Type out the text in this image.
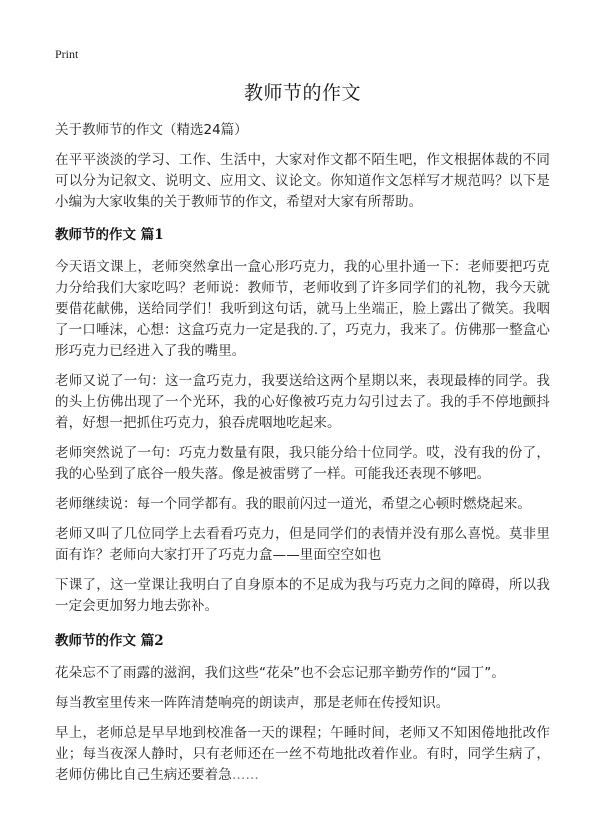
Print
教师节的作文

关于教师节的作文（精选24篇）

在平平淡淡的学习、工作、生活中，大家对作文都不陌生吧，作文根据体裁的不同可以分为记叙文、说明文、应用文、议论文。你知道作文怎样写才规范吗？以下是小编为大家收集的关于教师节的作文，希望对大家有所帮助。

教师节的作文 篇1

今天语文课上，老师突然拿出一盒心形巧克力，我的心里扑通一下：老师要把巧克力分给我们大家吃吗？老师说：教师节，老师收到了许多同学们的礼物，我今天就要借花献佛，送给同学们！我听到这句话，就马上坐端正，脸上露出了微笑。我咽了一口唾沫，心想：这盒巧克力一定是我的.了，巧克力，我来了。仿佛那一整盒心形巧克力已经进入了我的嘴里。

老师又说了一句：这一盒巧克力，我要送给这两个星期以来，表现最棒的同学。我的头上仿佛出现了一个光环，我的心好像被巧克力勾引过去了。我的手不停地颤抖着，好想一把抓住巧克力，狼吞虎咽地吃起来。

老师突然说了一句：巧克力数量有限，我只能分给十位同学。哎，没有我的份了，我的心坠到了底谷一般失落。像是被雷劈了一样。可能我还表现不够吧。

老师继续说：每一个同学都有。我的眼前闪过一道光，希望之心顿时燃烧起来。

老师又叫了几位同学上去看看巧克力，但是同学们的表情并没有那么喜悦。莫非里面有诈？老师向大家打开了巧克力盒——里面空空如也

下课了，这一堂课让我明白了自身原本的不足成为我与巧克力之间的障碍，所以我一定会更加努力地去弥补。

教师节的作文 篇2

花朵忘不了雨露的滋润，我们这些“花朵”也不会忘记那辛勤劳作的“园丁”。

每当教室里传来一阵阵清楚响亮的朗读声，那是老师在传授知识。

早上，老师总是早早地到校准备一天的课程；午睡时间，老师又不知困倦地批改作业；每当夜深人静时，只有老师还在一丝不苟地批改着作业。有时，同学生病了，老师仿佛比自己生病还要着急……
